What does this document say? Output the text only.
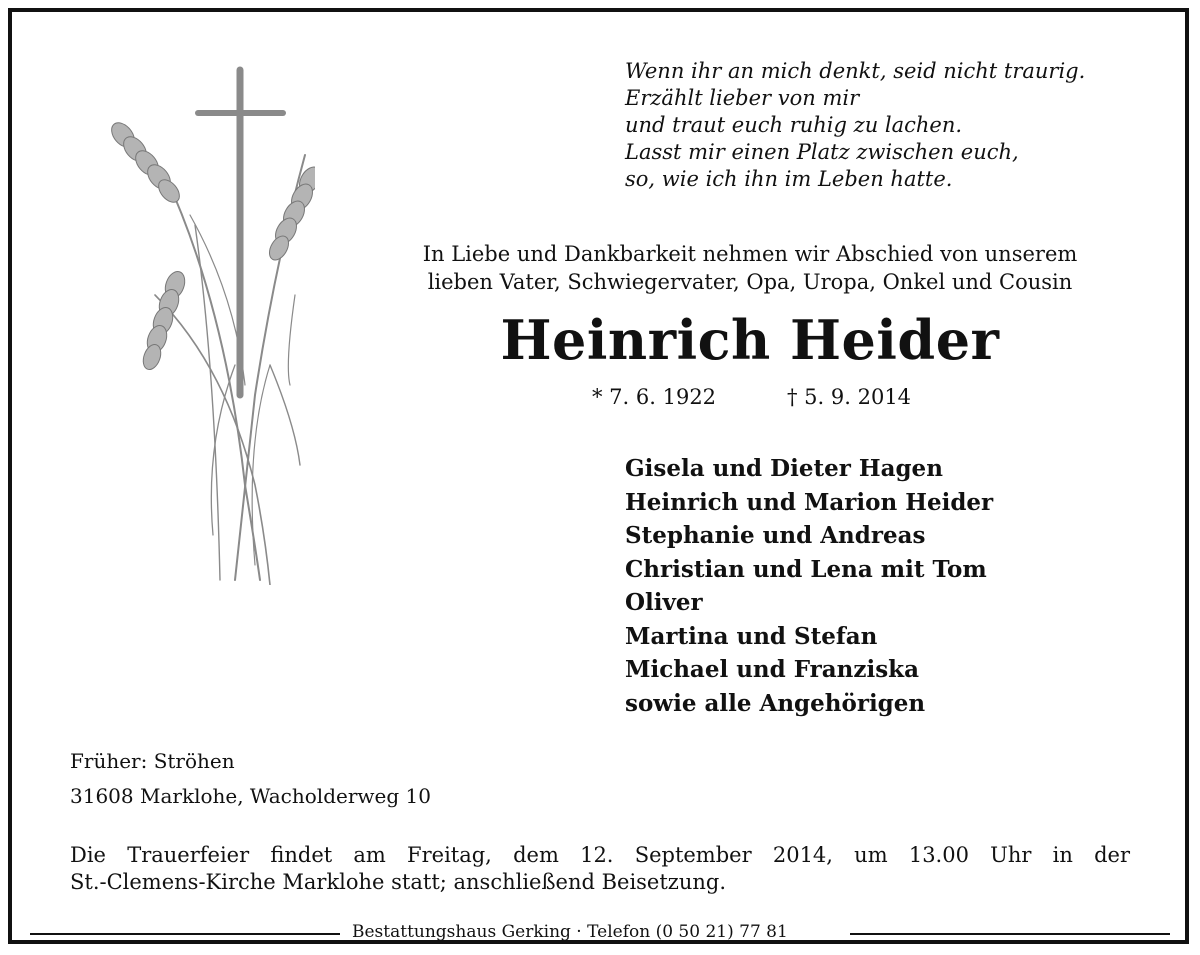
Wenn ihr an mich denkt, seid nicht traurig.
Erzählt lieber von mir
und traut euch ruhig zu lachen.
Lasst mir einen Platz zwischen euch,
so, wie ich ihn im Leben hatte.
In Liebe und Dankbarkeit nehmen wir Abschied von unserem
lieben Vater, Schwiegervater, Opa, Uropa, Onkel und Cousin
Heinrich Heider
* 7. 6. 1922	† 5. 9. 2014
Gisela und Dieter Hagen
Heinrich und Marion Heider
Stephanie und Andreas
Christian und Lena mit Tom
Oliver
Martina und Stefan
Michael und Franziska
sowie alle Angehörigen
Früher: Ströhen
31608 Marklohe, Wacholderweg 10
Die Trauerfeier findet am Freitag, dem 12. September 2014, um 13.00 Uhr in der
St.-Clemens-Kirche Marklohe statt; anschließend Beisetzung.
Bestattungshaus Gerking · Telefon (0 50 21) 77 81
